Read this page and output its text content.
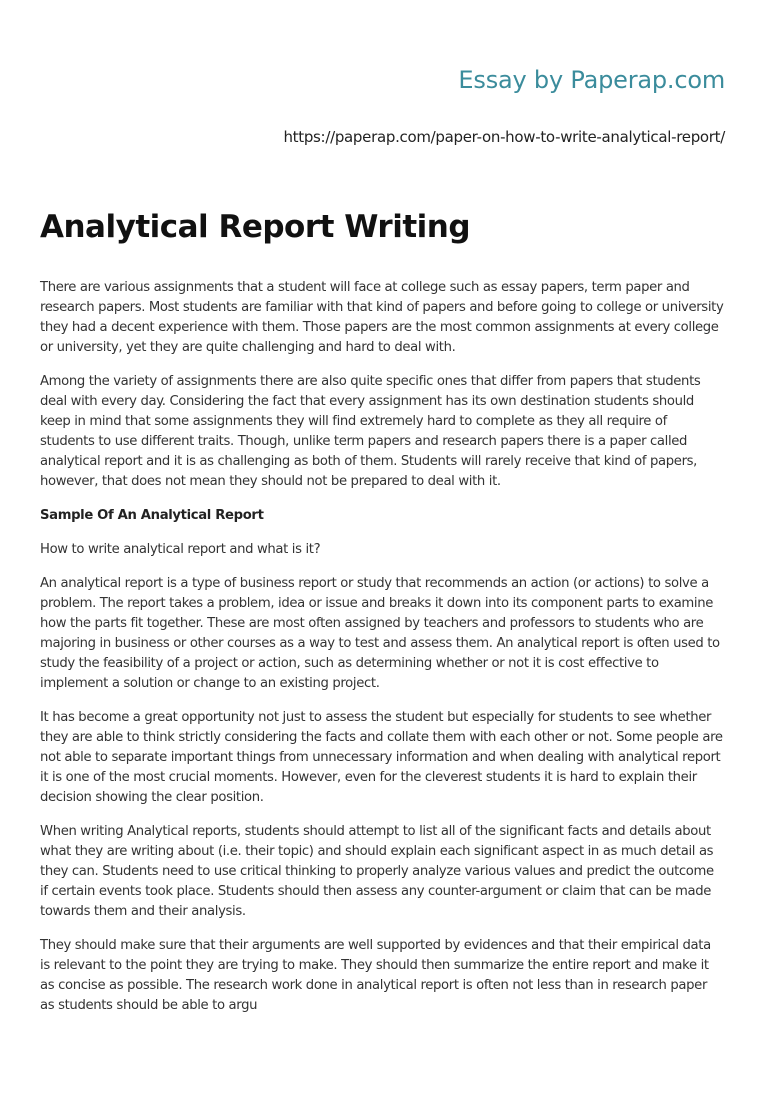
Essay by Paperap.com
https://paperap.com/paper-on-how-to-write-analytical-report/
Analytical Report Writing

There are various assignments that a student will face at college such as essay papers, term paper and research papers. Most students are familiar with that kind of papers and before going to college or university they had a decent experience with them. Those papers are the most common assignments at every college or university, yet they are quite challenging and hard to deal with.

Among the variety of assignments there are also quite specific ones that differ from papers that students deal with every day. Considering the fact that every assignment has its own destination students should keep in mind that some assignments they will find extremely hard to complete as they all require of students to use different traits. Though, unlike term papers and research papers there is a paper called analytical report and it is as challenging as both of them. Students will rarely receive that kind of papers, however, that does not mean they should not be prepared to deal with it.

Sample Of An Analytical Report

How to write analytical report and what is it?

An analytical report is a type of business report or study that recommends an action (or actions) to solve a problem. The report takes a problem, idea or issue and breaks it down into its component parts to examine how the parts fit together. These are most often assigned by teachers and professors to students who are majoring in business or other courses as a way to test and assess them. An analytical report is often used to study the feasibility of a project or action, such as determining whether or not it is cost effective to implement a solution or change to an existing project.

It has become a great opportunity not just to assess the student but especially for students to see whether they are able to think strictly considering the facts and collate them with each other or not. Some people are not able to separate important things from unnecessary information and when dealing with analytical report it is one of the most crucial moments. However, even for the cleverest students it is hard to explain their decision showing the clear position.

When writing Analytical reports, students should attempt to list all of the significant facts and details about what they are writing about (i.e. their topic) and should explain each significant aspect in as much detail as they can. Students need to use critical thinking to properly analyze various values and predict the outcome if certain events took place. Students should then assess any counter-argument or claim that can be made towards them and their analysis.

They should make sure that their arguments are well supported by evidences and that their empirical data is relevant to the point they are trying to make. They should then summarize the entire report and make it as concise as possible. The research work done in analytical report is often not less than in research paper as students should be able to argu
